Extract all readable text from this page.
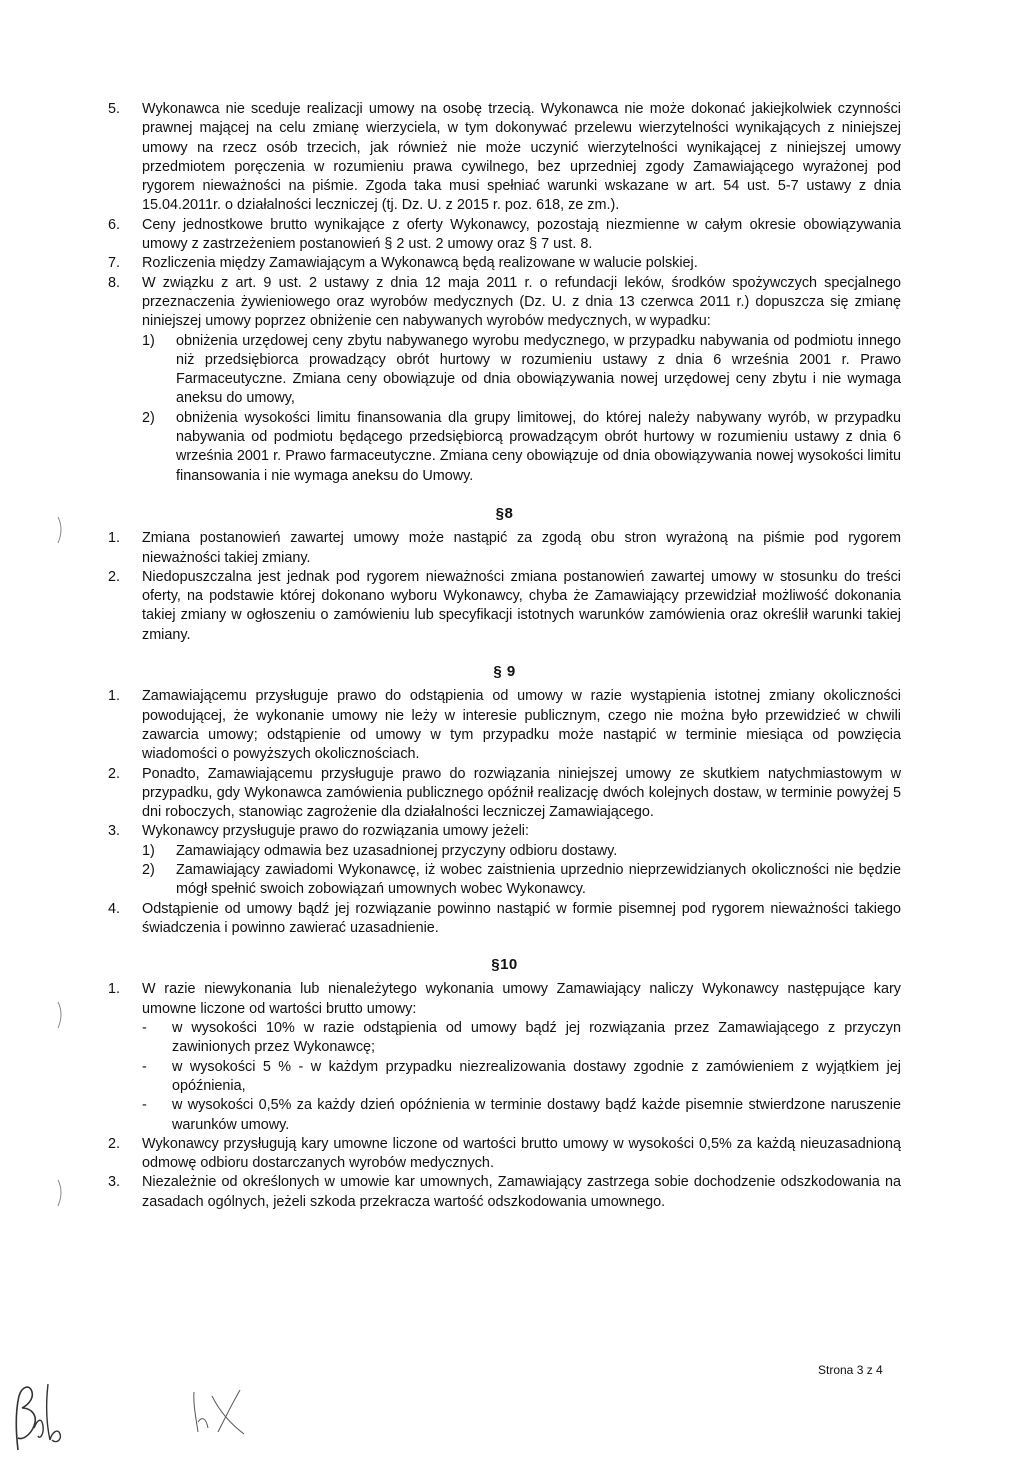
5. Wykonawca nie sceduje realizacji umowy na osobę trzecią. Wykonawca nie może dokonać jakiejkolwiek czynności prawnej mającej na celu zmianę wierzyciela, w tym dokonywać przelewu wierzytelności wynikających z niniejszej umowy na rzecz osób trzecich, jak również nie może uczynić wierzytelności wynikającej z niniejszej umowy przedmiotem poręczenia w rozumieniu prawa cywilnego, bez uprzedniej zgody Zamawiającego wyrażonej pod rygorem nieważności na piśmie. Zgoda taka musi spełniać warunki wskazane w art. 54 ust. 5-7 ustawy z dnia 15.04.2011r. o działalności leczniczej (tj. Dz. U. z 2015 r. poz. 618, ze zm.).
6. Ceny jednostkowe brutto wynikające z oferty Wykonawcy, pozostają niezmienne w całym okresie obowiązywania umowy z zastrzeżeniem postanowień § 2 ust. 2 umowy oraz § 7 ust. 8.
7. Rozliczenia między Zamawiającym a Wykonawcą będą realizowane w walucie polskiej.
8. W związku z art. 9 ust. 2 ustawy z dnia 12 maja 2011 r. o refundacji leków, środków spożywczych specjalnego przeznaczenia żywieniowego oraz wyrobów medycznych (Dz. U. z dnia 13 czerwca 2011 r.) dopuszcza się zmianę niniejszej umowy poprzez obniżenie cen nabywanych wyrobów medycznych, w wypadku:
1) obniżenia urzędowej ceny zbytu nabywanego wyrobu medycznego, w przypadku nabywania od podmiotu innego niż przedsiębiorca prowadzący obrót hurtowy w rozumieniu ustawy z dnia 6 września 2001 r. Prawo Farmaceutyczne. Zmiana ceny obowiązuje od dnia obowiązywania nowej urzędowej ceny zbytu i nie wymaga aneksu do umowy,
2) obniżenia wysokości limitu finansowania dla grupy limitowej, do której należy nabywany wyrób, w przypadku nabywania od podmiotu będącego przedsiębiorcą prowadzącym obrót hurtowy w rozumieniu ustawy z dnia 6 września 2001 r. Prawo farmaceutyczne. Zmiana ceny obowiązuje od dnia obowiązywania nowej wysokości limitu finansowania i nie wymaga aneksu do Umowy.
§8
1. Zmiana postanowień zawartej umowy może nastąpić za zgodą obu stron wyrażoną na piśmie pod rygorem nieważności takiej zmiany.
2. Niedopuszczalna jest jednak pod rygorem nieważności zmiana postanowień zawartej umowy w stosunku do treści oferty, na podstawie której dokonano wyboru Wykonawcy, chyba że Zamawiający przewidział możliwość dokonania takiej zmiany w ogłoszeniu o zamówieniu lub specyfikacji istotnych warunków zamówienia oraz określił warunki takiej zmiany.
§ 9
1. Zamawiającemu przysługuje prawo do odstąpienia od umowy w razie wystąpienia istotnej zmiany okoliczności powodującej, że wykonanie umowy nie leży w interesie publicznym, czego nie można było przewidzieć w chwili zawarcia umowy; odstąpienie od umowy w tym przypadku może nastąpić w terminie miesiąca od powzięcia wiadomości o powyższych okolicznościach.
2. Ponadto, Zamawiającemu przysługuje prawo do rozwiązania niniejszej umowy ze skutkiem natychmiastowym w przypadku, gdy Wykonawca zamówienia publicznego opóźnił realizację dwóch kolejnych dostaw, w terminie powyżej 5 dni roboczych, stanowiąc zagrożenie dla działalności leczniczej Zamawiającego.
3. Wykonawcy przysługuje prawo do rozwiązania umowy jeżeli:
1) Zamawiający odmawia bez uzasadnionej przyczyny odbioru dostawy.
2) Zamawiający zawiadomi Wykonawcę, iż wobec zaistnienia uprzednio nieprzewidzianych okoliczności nie będzie mógł spełnić swoich zobowiązań umownych wobec Wykonawcy.
4. Odstąpienie od umowy bądź jej rozwiązanie powinno nastąpić w formie pisemnej pod rygorem nieważności takiego świadczenia i powinno zawierać uzasadnienie.
§10
1. W razie niewykonania lub nienależytego wykonania umowy Zamawiający naliczy Wykonawcy następujące kary umowne liczone od wartości brutto umowy:
- w wysokości 10% w razie odstąpienia od umowy bądź jej rozwiązania przez Zamawiającego z przyczyn zawinionych przez Wykonawcę;
- w wysokości 5 % - w każdym przypadku niezrealizowania dostawy zgodnie z zamówieniem z wyjątkiem jej opóźnienia,
- w wysokości 0,5% za każdy dzień opóźnienia w terminie dostawy bądź każde pisemnie stwierdzone naruszenie warunków umowy.
2. Wykonawcy przysługują kary umowne liczone od wartości brutto umowy w wysokości 0,5% za każdą nieuzasadnioną odmowę odbioru dostarczanych wyrobów medycznych.
3. Niezależnie od określonych w umowie kar umownych, Zamawiający zastrzega sobie dochodzenie odszkodowania na zasadach ogólnych, jeżeli szkoda przekracza wartość odszkodowania umownego.
Strona 3 z 4
